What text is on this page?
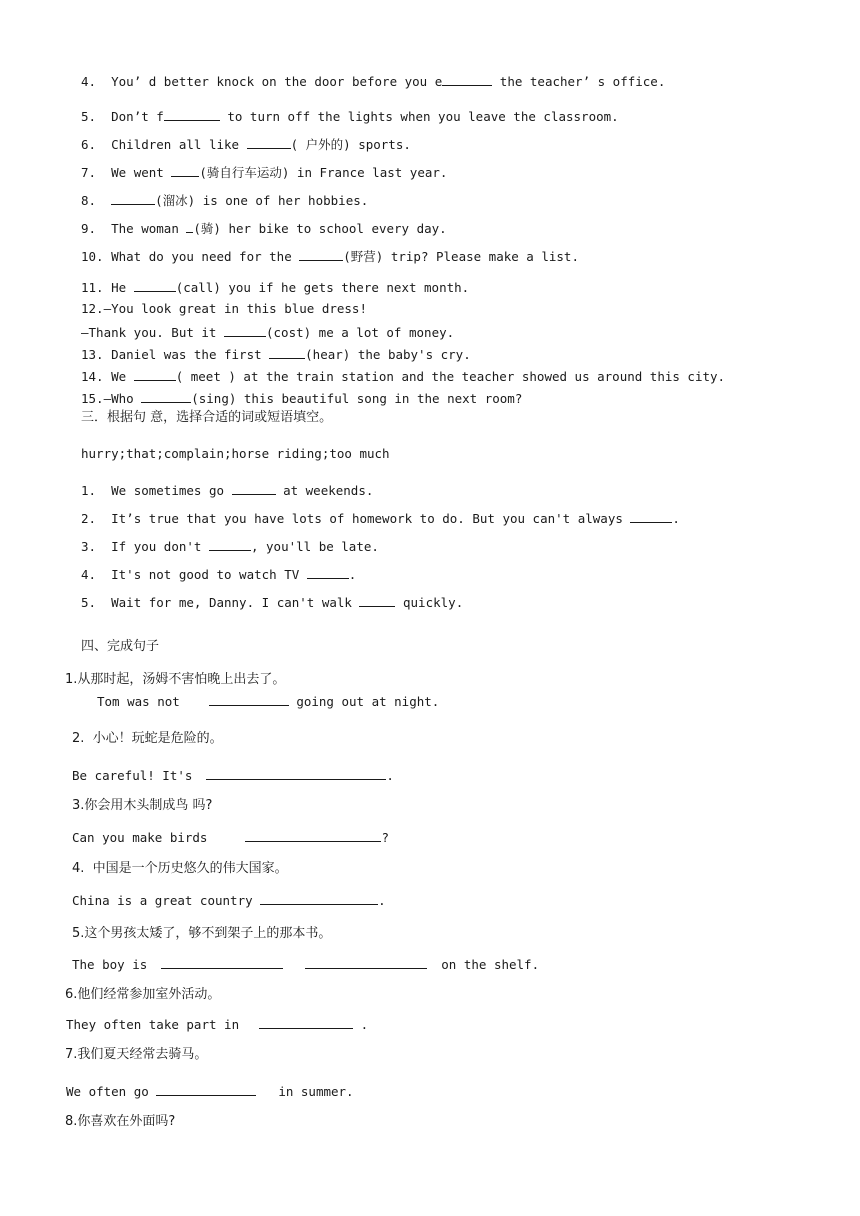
4. You’ d better knock on the door before you e	the teacher’ s office.
5. Don’t f	to turn off the lights when you leave the classroom.
6. Children all like	( 户外的) sports.
7. We went (骑自行车运动) in France last year.
8.	(溜冰) is one of her hobbies.
9. The woman (骑) her bike to school every day.
10. What do you need for the	(野营) trip? Please make a list.
11. He	(call) you if he gets there next month.
12.—You look great in this blue dress!
—Thank you. But it	(cost) me a lot of money.
13. Daniel was the first	(hear) the baby's cry.
14. We	( meet ) at the train station and the teacher showed us around this city.
15.—Who	(sing) this beautiful song in the next room?
三．根据句 意，选择合适的词或短语填空。
hurry;that;complain;horse riding;too much
1. We sometimes go	at weekends.
2. It’s true that you have lots of homework to do. But you can't always	.
3. If you don't	, you'll be late.
4. It's not good to watch TV	.
5. Wait for me, Danny. I can't walk	quickly.
四、完成句子
1.从那时起，汤姆不害怕晚上出去了。
Tom was not	going out at night.
2.  小心！玩蛇是危险的。
Be careful! It's	.
3.你会用木头制成鸟 吗?
Can you make birds	?
4.  中国是一个历史悠久的伟大国家。
China is a great country	.
5.这个男孩太矮了，够不到架子上的那本书。
The boy is	on the shelf.
6.他们经常参加室外活动。
They often take part in	.
7.我们夏天经常去骑马。
We often go	in summer.
8.你喜欢在外面吗?
